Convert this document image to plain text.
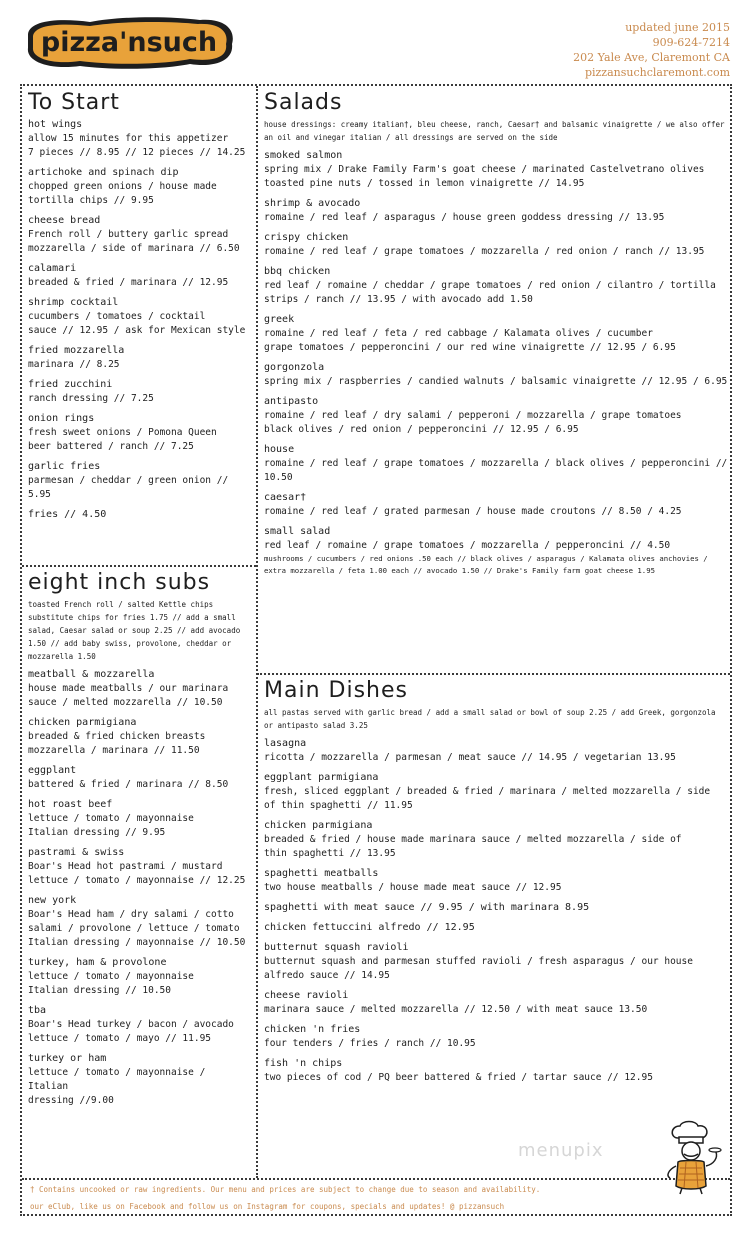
pizza'nsuch	updated june 2015
909-624-7214
202 Yale Ave, Claremont CA
pizzansuchclaremont.com
To Start
hot wings
allow 15 minutes for this appetizer
7 pieces // 8.95 // 12 pieces // 14.25
artichoke and spinach dip
chopped green onions / house made
tortilla chips // 9.95
cheese bread
French roll / buttery garlic spread
mozzarella / side of marinara // 6.50
calamari
breaded & fried / marinara // 12.95
shrimp cocktail
cucumbers / tomatoes / cocktail
sauce // 12.95 / ask for Mexican style
fried mozzarella
marinara // 8.25
fried zucchini
ranch dressing // 7.25
onion rings
fresh sweet onions / Pomona Queen
beer battered / ranch // 7.25
garlic fries
parmesan / cheddar / green onion // 5.95
fries // 4.50
eight inch subs
toasted French roll / salted Kettle chips substitute chips for fries 1.75 // add a small salad, Caesar salad or soup 2.25 // add avocado 1.50 // add baby swiss, provolone, cheddar or mozzarella 1.50
meatball & mozzarella
house made meatballs / our marinara
sauce / melted mozzarella // 10.50
chicken parmigiana
breaded & fried chicken breasts
mozzarella / marinara // 11.50
eggplant
battered & fried / marinara // 8.50
hot roast beef
lettuce / tomato / mayonnaise
Italian dressing // 9.95
pastrami & swiss
Boar's Head hot pastrami / mustard
lettuce / tomato / mayonnaise // 12.25
new york
Boar's Head ham / dry salami / cotto
salami / provolone / lettuce / tomato
Italian dressing / mayonnaise // 10.50
turkey, ham & provolone
lettuce / tomato / mayonnaise
Italian dressing // 10.50
tba
Boar's Head turkey / bacon / avocado
lettuce / tomato / mayo // 11.95
turkey or ham
lettuce / tomato / mayonnaise / Italian
dressing //9.00
Salads
house dressings: creamy italian†, bleu cheese, ranch, Caesar† and balsamic vinaigrette / we also offer an oil and vinegar italian / all dressings are served on the side
smoked salmon
spring mix / Drake Family Farm's goat cheese / marinated Castelvetrano olives
toasted pine nuts / tossed in lemon vinaigrette // 14.95
shrimp & avocado
romaine / red leaf / asparagus / house green goddess dressing // 13.95
crispy chicken
romaine / red leaf / grape tomatoes / mozzarella / red onion / ranch // 13.95
bbq chicken
red leaf / romaine / cheddar / grape tomatoes / red onion / cilantro / tortilla
strips / ranch // 13.95 / with avocado add 1.50
greek
romaine / red leaf / feta / red cabbage / Kalamata olives / cucumber
grape tomatoes / pepperoncini / our red wine vinaigrette // 12.95 / 6.95
gorgonzola
spring mix / raspberries / candied walnuts / balsamic vinaigrette // 12.95 / 6.95
antipasto
romaine / red leaf / dry salami / pepperoni / mozzarella / grape tomatoes
black olives / red onion / pepperoncini // 12.95 / 6.95
house
romaine / red leaf / grape tomatoes / mozzarella / black olives / pepperoncini // 10.50
caesar†
romaine / red leaf / grated parmesan / house made croutons // 8.50 / 4.25
small salad
red leaf / romaine / grape tomatoes / mozzarella / pepperoncini // 4.50
mushrooms / cucumbers / red onions .50 each // black olives / asparagus / Kalamata olives anchovies / extra mozzarella / feta 1.00 each // avocado 1.50 // Drake's Family farm goat cheese 1.95
Main Dishes
all pastas served with garlic bread / add a small salad or bowl of soup 2.25 / add Greek, gorgonzola or antipasto salad 3.25
lasagna
ricotta / mozzarella / parmesan / meat sauce // 14.95 / vegetarian 13.95
eggplant parmigiana
fresh, sliced eggplant / breaded & fried / marinara / melted mozzarella / side
of thin spaghetti // 11.95
chicken parmigiana
breaded & fried / house made marinara sauce / melted mozzarella / side of
thin spaghetti // 13.95
spaghetti meatballs
two house meatballs / house made meat sauce // 12.95
spaghetti with meat sauce // 9.95 / with marinara 8.95
chicken fettuccini alfredo // 12.95
butternut squash ravioli
butternut squash and parmesan stuffed ravioli / fresh asparagus / our house
alfredo sauce // 14.95
cheese ravioli
marinara sauce / melted mozzarella // 12.50 / with meat sauce 13.50
chicken 'n fries
four tenders / fries / ranch // 10.95
fish 'n chips
two pieces of cod / PQ beer battered & fried / tartar sauce // 12.95
menupix
† Contains uncooked or raw ingredients. Our menu and prices are subject to change due to season and availability.
our eClub, like us on Facebook and follow us on Instagram for coupons, specials and updates! @ pizzansuch
